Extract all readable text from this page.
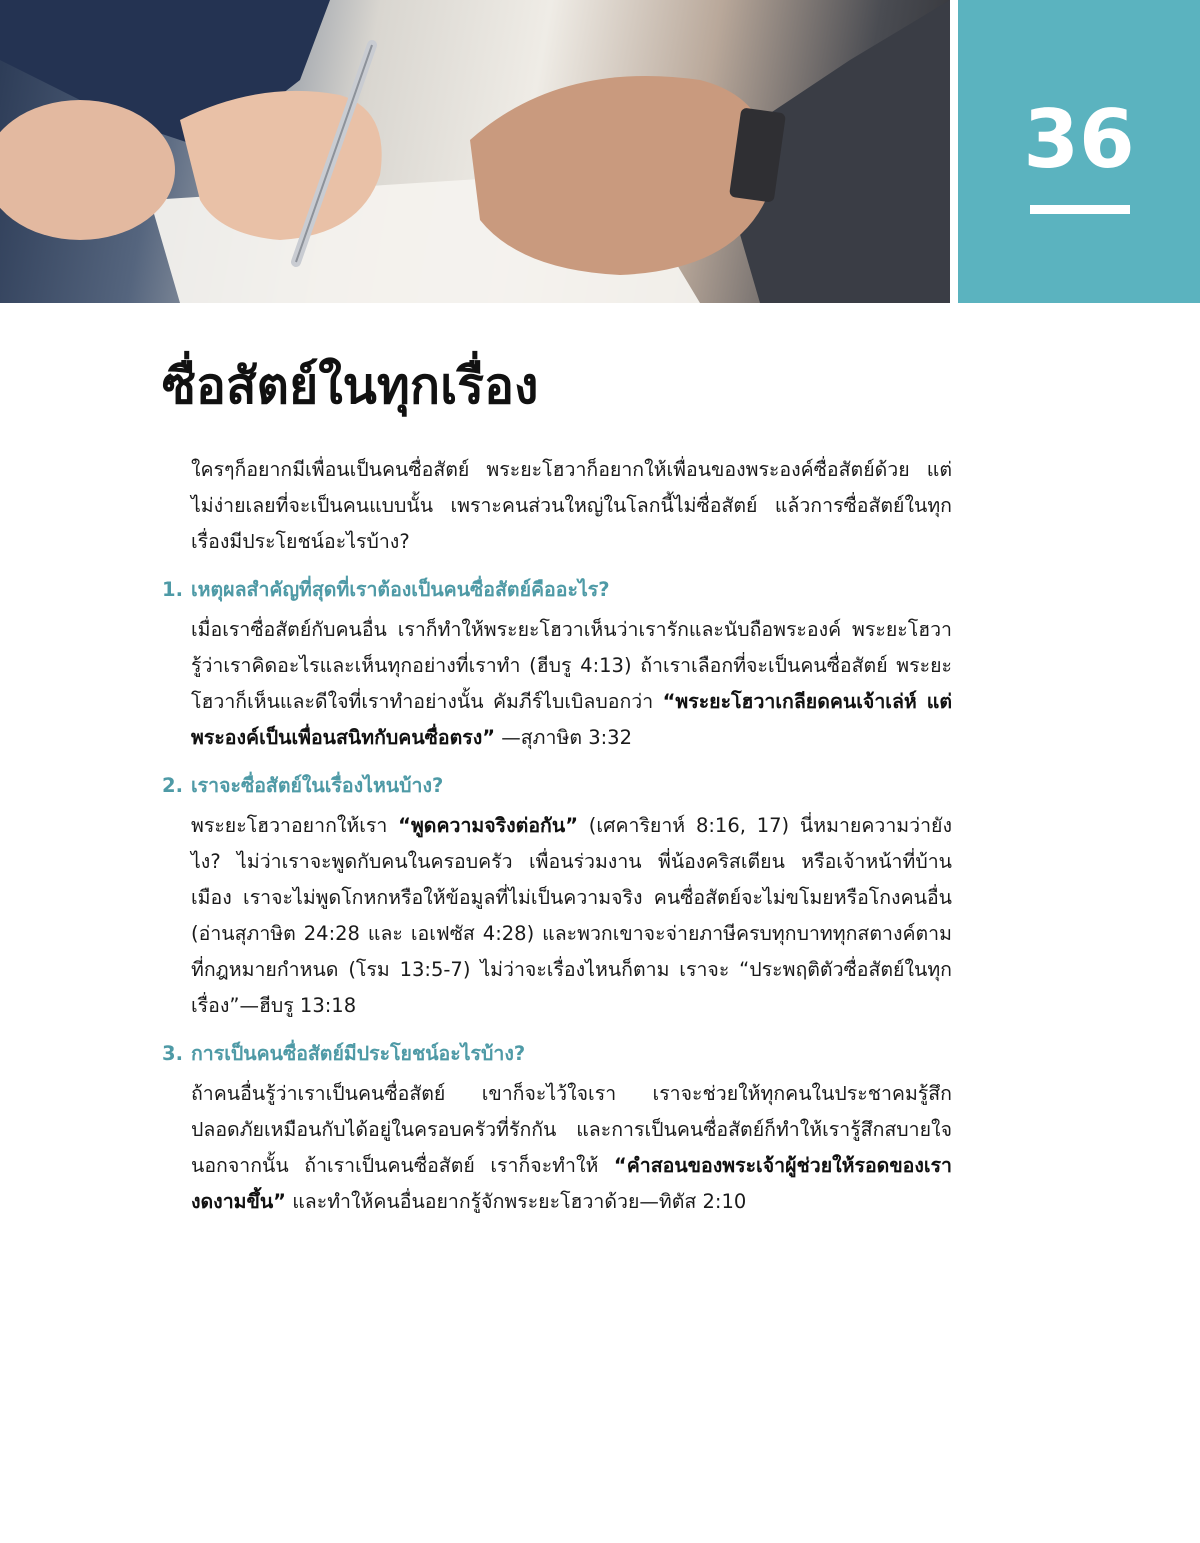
36
ซื่อสัตย์ในทุกเรื่อง

ใครๆก็อยากมีเพื่อนเป็นคนซื่อสัตย์ พระยะโฮวาก็อยากให้เพื่อนของพระองค์ซื่อสัตย์ด้วย แต่ไม่ง่ายเลยที่จะเป็นคนแบบนั้น เพราะคนส่วนใหญ่ในโลกนี้ไม่ซื่อสัตย์ แล้วการซื่อสัตย์ในทุกเรื่องมีประโยชน์อะไรบ้าง?

1. เหตุผลสำคัญที่สุดที่เราต้องเป็นคนซื่อสัตย์คืออะไร?

เมื่อเราซื่อสัตย์กับคนอื่น เราก็ทำให้พระยะโฮวาเห็นว่าเรารักและนับถือพระองค์ พระยะโฮวารู้ว่าเราคิดอะไรและเห็นทุกอย่างที่เราทำ (ฮีบรู 4:13) ถ้าเราเลือกที่จะเป็นคนซื่อสัตย์ พระยะโฮวาก็เห็นและดีใจที่เราทำอย่างนั้น คัมภีร์ไบเบิลบอกว่า “พระยะโฮวาเกลียดคนเจ้าเล่ห์ แต่พระองค์เป็นเพื่อนสนิทกับคนซื่อตรง” —สุภาษิต 3:32

2. เราจะซื่อสัตย์ในเรื่องไหนบ้าง?

พระยะโฮวาอยากให้เรา “พูดความจริงต่อกัน” (เศคาริยาห์ 8:16, 17) นี่หมายความว่ายังไง? ไม่ว่าเราจะพูดกับคนในครอบครัว เพื่อนร่วมงาน พี่น้องคริสเตียน หรือเจ้าหน้าที่บ้านเมือง เราจะไม่พูดโกหกหรือให้ข้อมูลที่ไม่เป็นความจริง คนซื่อสัตย์จะไม่ขโมยหรือโกงคนอื่น (อ่านสุภาษิต 24:28 และ เอเฟซัส 4:28) และพวกเขาจะจ่ายภาษีครบทุกบาททุกสตางค์ตามที่กฎหมายกำหนด (โรม 13:5-7) ไม่ว่าจะเรื่องไหนก็ตาม เราจะ “ประพฤติตัวซื่อสัตย์ในทุกเรื่อง”—ฮีบรู 13:18

3. การเป็นคนซื่อสัตย์มีประโยชน์อะไรบ้าง?

ถ้าคนอื่นรู้ว่าเราเป็นคนซื่อสัตย์ เขาก็จะไว้ใจเรา เราจะช่วยให้ทุกคนในประชาคมรู้สึกปลอดภัยเหมือนกับได้อยู่ในครอบครัวที่รักกัน และการเป็นคนซื่อสัตย์ก็ทำให้เรารู้สึกสบายใจ นอกจากนั้น ถ้าเราเป็นคนซื่อสัตย์ เราก็จะทำให้ “คำสอนของพระเจ้าผู้ช่วยให้รอดของเรางดงามขึ้น” และทำให้คนอื่นอยากรู้จักพระยะโฮวาด้วย—ทิตัส 2:10
